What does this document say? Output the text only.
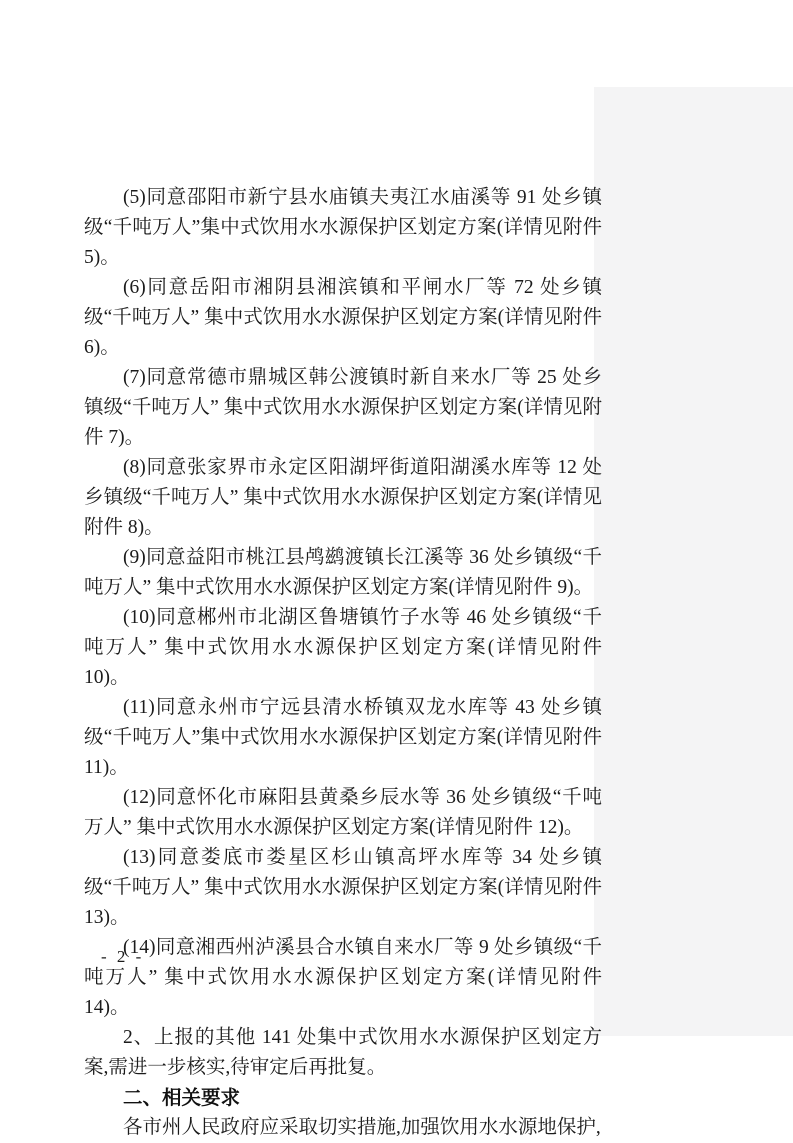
(5)同意邵阳市新宁县水庙镇夫夷江水庙溪等 91 处乡镇级“千吨万人”集中式饮用水水源保护区划定方案(详情见附件 5)。

(6)同意岳阳市湘阴县湘滨镇和平闸水厂等 72 处乡镇级“千吨万人” 集中式饮用水水源保护区划定方案(详情见附件 6)。

(7)同意常德市鼎城区韩公渡镇时新自来水厂等 25 处乡镇级“千吨万人” 集中式饮用水水源保护区划定方案(详情见附件 7)。

(8)同意张家界市永定区阳湖坪街道阳湖溪水库等 12 处乡镇级“千吨万人” 集中式饮用水水源保护区划定方案(详情见附件 8)。

(9)同意益阳市桃江县鸬鹚渡镇长江溪等 36 处乡镇级“千吨万人” 集中式饮用水水源保护区划定方案(详情见附件 9)。

(10)同意郴州市北湖区鲁塘镇竹子水等 46 处乡镇级“千吨万人” 集中式饮用水水源保护区划定方案(详情见附件 10)。

(11)同意永州市宁远县清水桥镇双龙水库等 43 处乡镇级“千吨万人”集中式饮用水水源保护区划定方案(详情见附件 11)。

(12)同意怀化市麻阳县黄桑乡辰水等 36 处乡镇级“千吨万人” 集中式饮用水水源保护区划定方案(详情见附件 12)。

(13)同意娄底市娄星区杉山镇高坪水库等 34 处乡镇级“千吨万人” 集中式饮用水水源保护区划定方案(详情见附件 13)。

(14)同意湘西州泸溪县合水镇自来水厂等 9 处乡镇级“千吨万人” 集中式饮用水水源保护区划定方案(详情见附件 14)。

2、上报的其他 141 处集中式饮用水水源保护区划定方案,需进一步核实,待审定后再批复。

二、相关要求

各市州人民政府应采取切实措施,加强饮用水水源地保护,

- 2 -
